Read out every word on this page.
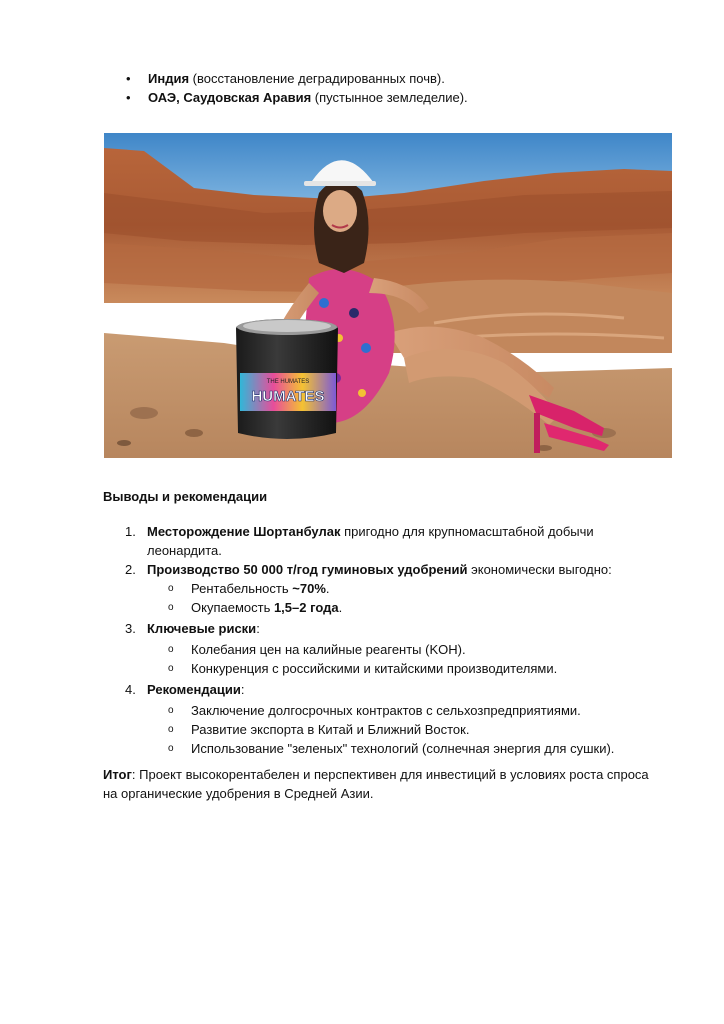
• Индия (восстановление деградированных почв).
• ОАЭ, Саудовская Аравия (пустынное земледелие).
THE HUMATES
HUMATES
Выводы и рекомендации
1. Месторождение Шортанбулак пригодно для крупномасштабной добычи леонардита.
2. Производство 50 000 т/год гуминовых удобрений экономически выгодно:
o Рентабельность ~70%.
o Окупаемость 1,5–2 года.
3. Ключевые риски:
o Колебания цен на калийные реагенты (KOH).
o Конкуренция с российскими и китайскими производителями.
4. Рекомендации:
o Заключение долгосрочных контрактов с сельхозпредприятиями.
o Развитие экспорта в Китай и Ближний Восток.
o Использование "зеленых" технологий (солнечная энергия для сушки).
Итог: Проект высокорентабелен и перспективен для инвестиций в условиях роста спроса на органические удобрения в Средней Азии.
